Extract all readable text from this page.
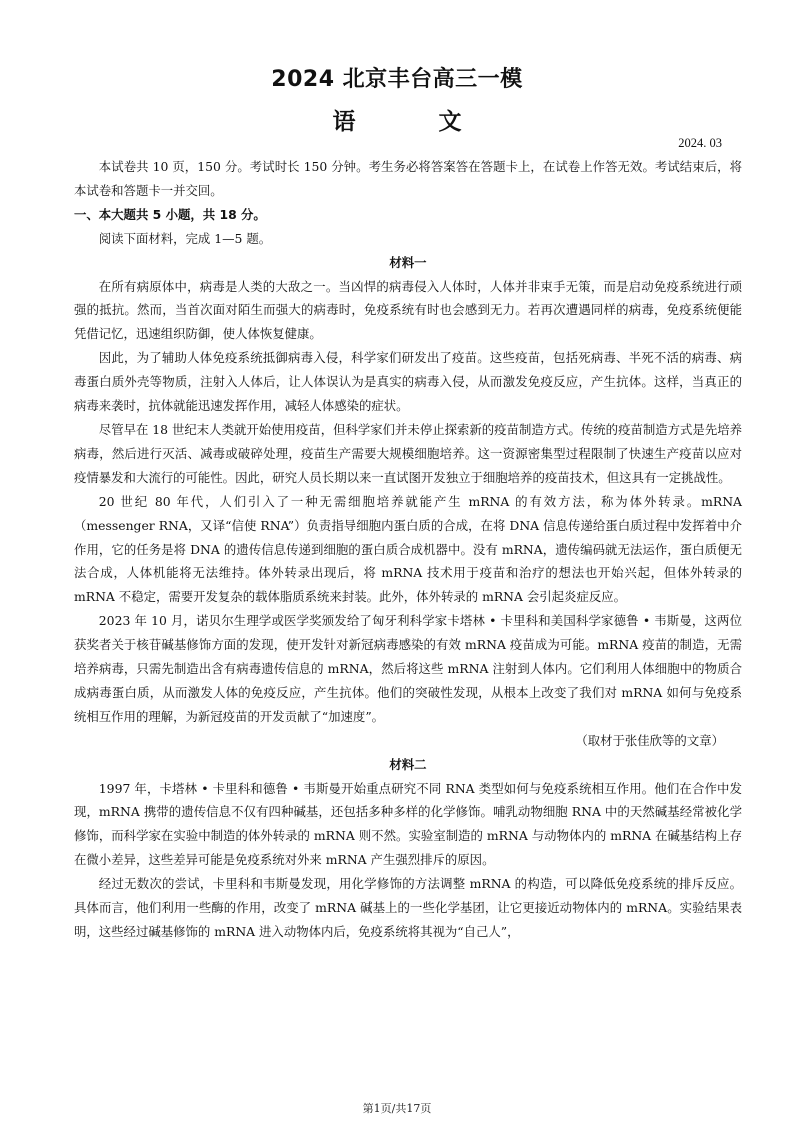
2024 北京丰台高三一模
语　文
2024. 03

本试卷共 10 页，150 分。考试时长 150 分钟。考生务必将答案答在答题卡上，在试卷上作答无效。考试结束后，将本试卷和答题卡一并交回。

一、本大题共 5 小题，共 18 分。

阅读下面材料，完成 1—5 题。

材料一

在所有病原体中，病毒是人类的大敌之一。当凶悍的病毒侵入人体时，人体并非束手无策，而是启动免疫系统进行顽强的抵抗。然而，当首次面对陌生而强大的病毒时，免疫系统有时也会感到无力。若再次遭遇同样的病毒，免疫系统便能凭借记忆，迅速组织防御，使人体恢复健康。

因此，为了辅助人体免疫系统抵御病毒入侵，科学家们研发出了疫苗。这些疫苗，包括死病毒、半死不活的病毒、病毒蛋白质外壳等物质，注射入人体后，让人体误认为是真实的病毒入侵，从而激发免疫反应，产生抗体。这样，当真正的病毒来袭时，抗体就能迅速发挥作用，减轻人体感染的症状。

尽管早在 18 世纪末人类就开始使用疫苗，但科学家们并未停止探索新的疫苗制造方式。传统的疫苗制造方式是先培养病毒，然后进行灭活、减毒或破碎处理，疫苗生产需要大规模细胞培养。这一资源密集型过程限制了快速生产疫苗以应对疫情暴发和大流行的可能性。因此，研究人员长期以来一直试图开发独立于细胞培养的疫苗技术，但这具有一定挑战性。

20 世纪 80 年代，人们引入了一种无需细胞培养就能产生 mRNA 的有效方法，称为体外转录。mRNA（messenger RNA，又译“信使 RNA”）负责指导细胞内蛋白质的合成，在将 DNA 信息传递给蛋白质过程中发挥着中介作用，它的任务是将 DNA 的遗传信息传递到细胞的蛋白质合成机器中。没有 mRNA，遗传编码就无法运作，蛋白质便无法合成，人体机能将无法维持。体外转录出现后，将 mRNA 技术用于疫苗和治疗的想法也开始兴起，但体外转录的 mRNA 不稳定，需要开发复杂的载体脂质系统来封装。此外，体外转录的 mRNA 会引起炎症反应。

2023 年 10 月，诺贝尔生理学或医学奖颁发给了匈牙利科学家卡塔林 • 卡里科和美国科学家德鲁 • 韦斯曼，这两位获奖者关于核苷碱基修饰方面的发现，使开发针对新冠病毒感染的有效 mRNA 疫苗成为可能。mRNA 疫苗的制造，无需培养病毒，只需先制造出含有病毒遗传信息的 mRNA，然后将这些 mRNA 注射到人体内。它们利用人体细胞中的物质合成病毒蛋白质，从而激发人体的免疫反应，产生抗体。他们的突破性发现，从根本上改变了我们对 mRNA 如何与免疫系统相互作用的理解，为新冠疫苗的开发贡献了“加速度”。

（取材于张佳欣等的文章）

材料二

1997 年，卡塔林 • 卡里科和德鲁 • 韦斯曼开始重点研究不同 RNA 类型如何与免疫系统相互作用。他们在合作中发现，mRNA 携带的遗传信息不仅有四种碱基，还包括多种多样的化学修饰。哺乳动物细胞 RNA 中的天然碱基经常被化学修饰，而科学家在实验中制造的体外转录的 mRNA 则不然。实验室制造的 mRNA 与动物体内的 mRNA 在碱基结构上存在微小差异，这些差异可能是免疫系统对外来 mRNA 产生强烈排斥的原因。

经过无数次的尝试，卡里科和韦斯曼发现，用化学修饰的方法调整 mRNA 的构造，可以降低免疫系统的排斥反应。具体而言，他们利用一些酶的作用，改变了 mRNA 碱基上的一些化学基团，让它更接近动物体内的 mRNA。实验结果表明，这些经过碱基修饰的 mRNA 进入动物体内后，免疫系统将其视为“自己人”，

第1页/共17页
